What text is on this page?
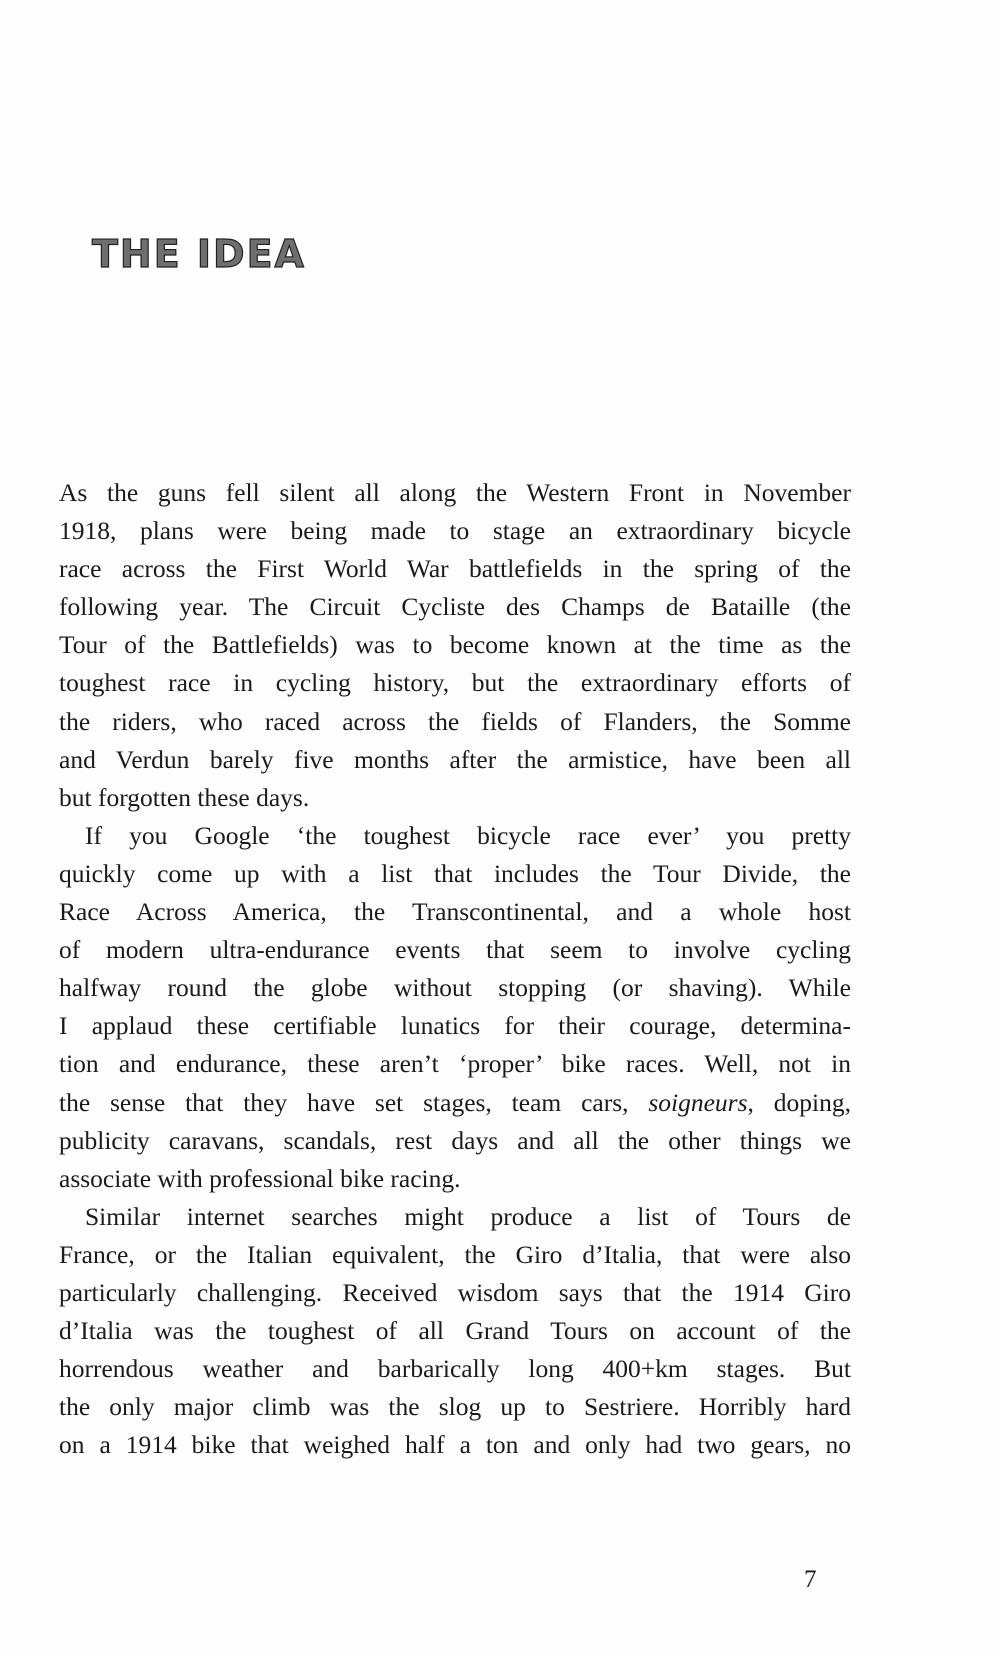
THE IDEA
As the guns fell silent all along the Western Front in November
1918, plans were being made to stage an extraordinary bicycle
race across the First World War battlefields in the spring of the
following year. The Circuit Cycliste des Champs de Bataille (the
Tour of the Battlefields) was to become known at the time as the
toughest race in cycling history, but the extraordinary efforts of
the riders, who raced across the fields of Flanders, the Somme
and Verdun barely five months after the armistice, have been all
but forgotten these days.
If you Google ‘the toughest bicycle race ever’ you pretty
quickly come up with a list that includes the Tour Divide, the
Race Across America, the Transcontinental, and a whole host
of modern ultra-endurance events that seem to involve cycling
halfway round the globe without stopping (or shaving). While
I applaud these certifiable lunatics for their courage, determina-
tion and endurance, these aren’t ‘proper’ bike races. Well, not in
the sense that they have set stages, team cars, soigneurs, doping,
publicity caravans, scandals, rest days and all the other things we
associate with professional bike racing.
Similar internet searches might produce a list of Tours de
France, or the Italian equivalent, the Giro d’Italia, that were also
particularly challenging. Received wisdom says that the 1914 Giro
d’Italia was the toughest of all Grand Tours on account of the
horrendous weather and barbarically long 400+km stages. But
the only major climb was the slog up to Sestriere. Horribly hard
on a 1914 bike that weighed half a ton and only had two gears, no
7
